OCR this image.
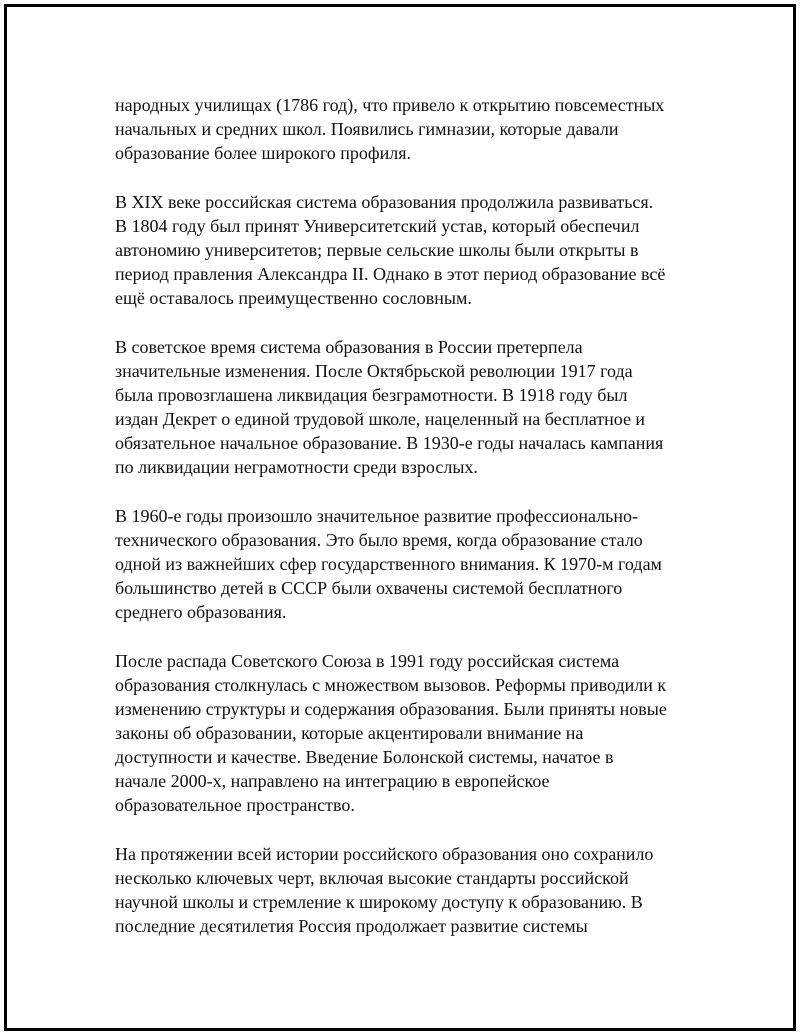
народных училищах (1786 год), что привело к открытию повсеместных
начальных и средних школ. Появились гимназии, которые давали
образование более широкого профиля.

В XIX веке российская система образования продолжила развиваться.
В 1804 году был принят Университетский устав, который обеспечил
автономию университетов; первые сельские школы были открыты в
период правления Александра II. Однако в этот период образование всё
ещё оставалось преимущественно сословным.

В советское время система образования в России претерпела
значительные изменения. После Октябрьской революции 1917 года
была провозглашена ликвидация безграмотности. В 1918 году был
издан Декрет о единой трудовой школе, нацеленный на бесплатное и
обязательное начальное образование. В 1930-е годы началась кампания
по ликвидации неграмотности среди взрослых.

В 1960-е годы произошло значительное развитие профессионально-
технического образования. Это было время, когда образование стало
одной из важнейших сфер государственного внимания. К 1970-м годам
большинство детей в СССР были охвачены системой бесплатного
среднего образования.

После распада Советского Союза в 1991 году российская система
образования столкнулась с множеством вызовов. Реформы приводили к
изменению структуры и содержания образования. Были приняты новые
законы об образовании, которые акцентировали внимание на
доступности и качестве. Введение Болонской системы, начатое в
начале 2000-х, направлено на интеграцию в европейское
образовательное пространство.

На протяжении всей истории российского образования оно сохранило
несколько ключевых черт, включая высокие стандарты российской
научной школы и стремление к широкому доступу к образованию. В
последние десятилетия Россия продолжает развитие системы
